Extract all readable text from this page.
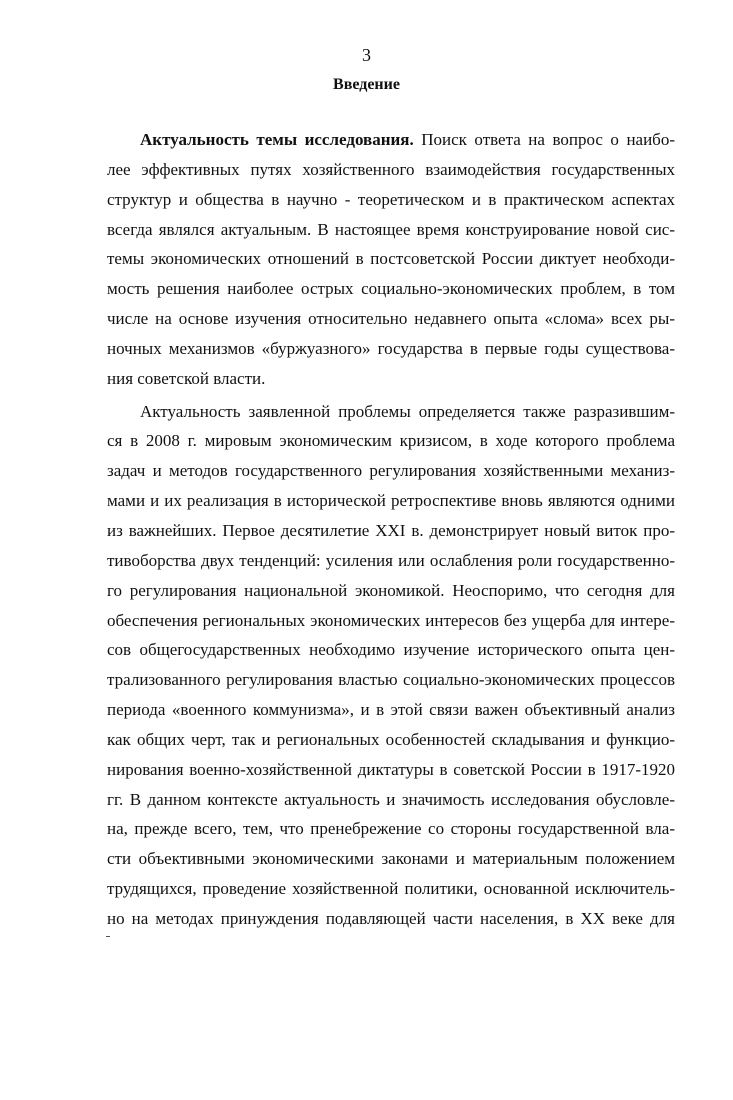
3
Введение
Актуальность темы исследования. Поиск ответа на вопрос о наибо-
лее эффективных путях хозяйственного взаимодействия государственных
структур и общества в научно - теоретическом и в практическом аспектах
всегда являлся актуальным. В настоящее время конструирование новой сис-
темы экономических отношений в постсоветской России диктует необходи-
мость решения наиболее острых социально-экономических проблем, в том
числе на основе изучения относительно недавнего опыта «слома» всех ры-
ночных механизмов «буржуазного» государства в первые годы существова-
ния советской власти.
Актуальность заявленной проблемы определяется также разразившим-
ся в 2008 г. мировым экономическим кризисом, в ходе которого проблема
задач и методов государственного регулирования хозяйственными механиз-
мами и их реализация в исторической ретроспективе вновь являются одними
из важнейших. Первое десятилетие XXI в. демонстрирует новый виток про-
тивоборства двух тенденций: усиления или ослабления роли государственно-
го регулирования национальной экономикой. Неоспоримо, что сегодня для
обеспечения региональных экономических интересов без ущерба для интере-
сов общегосударственных необходимо изучение исторического опыта цен-
трализованного регулирования властью социально-экономических процессов
периода «военного коммунизма», и в этой связи важен объективный анализ
как общих черт, так и региональных особенностей складывания и функцио-
нирования военно-хозяйственной диктатуры в советской России в 1917-1920
гг. В данном контексте актуальность и значимость исследования обусловле-
на, прежде всего, тем, что пренебрежение со стороны государственной вла-
сти объективными экономическими законами и материальным положением
трудящихся, проведение хозяйственной политики, основанной исключитель-
но на методах принуждения подавляющей части населения, в XX веке для
